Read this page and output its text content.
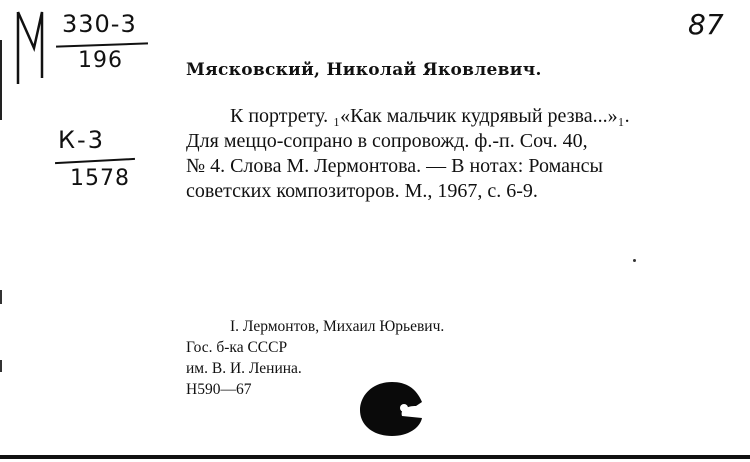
330-3
196
К-3
1578
87
Мясковский, Николай Яковлевич.
К портрету. ₁«Как мальчик кудрявый резва...»₁.
Для меццо-сопрано в сопровожд. ф.-п. Соч. 40,
№ 4. Слова М. Лермонтова. — В нотах: Романсы
советских композиторов. М., 1967, с. 6-9.
I. Лермонтов, Михаил Юрьевич.
Гос. б-ка СССР
им. В. И. Ленина.
Н590—67
